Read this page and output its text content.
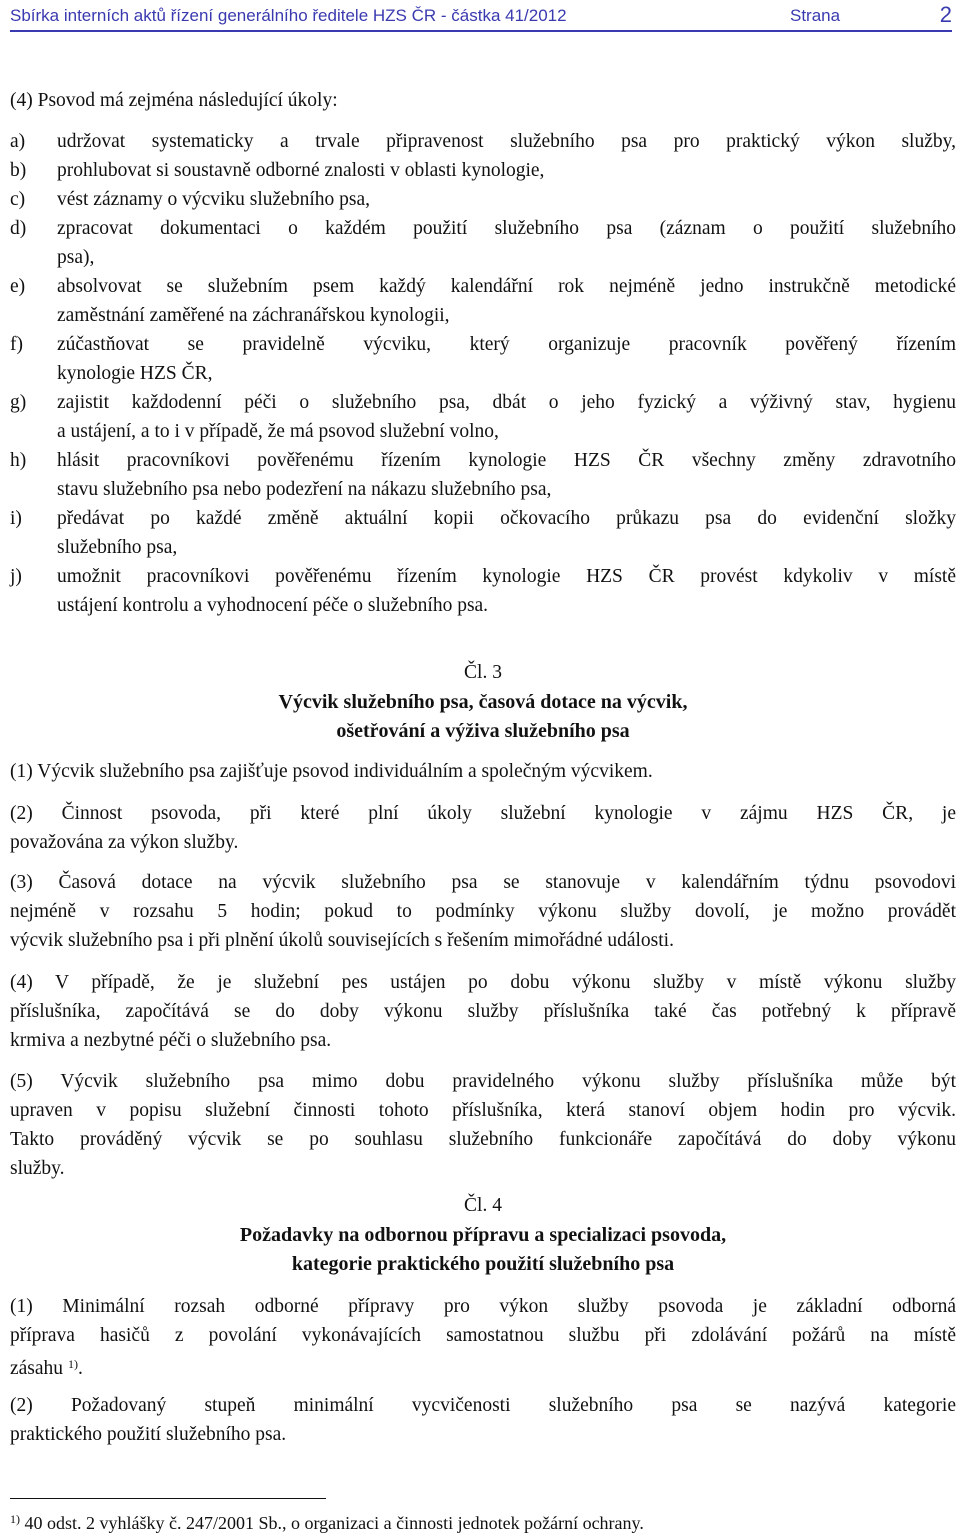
Sbírka interních aktů řízení generálního ředitele HZS ČR - částka 41/2012	Strana	2
(4) Psovod má zejména následující úkoly:
a) udržovat systematicky a trvale připravenost služebního psa pro praktický výkon služby,
b) prohlubovat si soustavně odborné znalosti v oblasti kynologie,
c) vést záznamy o výcviku služebního psa,
d) zpracovat dokumentaci o každém použití služebního psa (záznam o použití služebního
psa),
e) absolvovat se služebním psem každý kalendářní rok nejméně jedno instrukčně metodické
zaměstnání zaměřené na záchranářskou kynologii,
f) zúčastňovat se pravidelně výcviku, který organizuje pracovník pověřený řízením
kynologie HZS ČR,
g) zajistit každodenní péči o služebního psa, dbát o jeho fyzický a výživný stav, hygienu
a ustájení, a to i v případě, že má psovod služební volno,
h) hlásit pracovníkovi pověřenému řízením kynologie HZS ČR všechny změny zdravotního
stavu služebního psa nebo podezření na nákazu služebního psa,
i) předávat po každé změně aktuální kopii očkovacího průkazu psa do evidenční složky
služebního psa,
j) umožnit pracovníkovi pověřenému řízením kynologie HZS ČR provést kdykoliv v místě
ustájení kontrolu a vyhodnocení péče o služebního psa.
Čl. 3
Výcvik služebního psa, časová dotace na výcvik,
ošetřování a výživa služebního psa
(1) Výcvik služebního psa zajišťuje psovod individuálním a společným výcvikem.
(2) Činnost psovoda, při které plní úkoly služební kynologie v zájmu HZS ČR, je
považována za výkon služby.
(3) Časová dotace na výcvik služebního psa se stanovuje v kalendářním týdnu psovodovi
nejméně v rozsahu 5 hodin; pokud to podmínky výkonu služby dovolí, je možno provádět
výcvik služebního psa i při plnění úkolů souvisejících s řešením mimořádné události.
(4) V případě, že je služební pes ustájen po dobu výkonu služby v místě výkonu služby
příslušníka, započítává se do doby výkonu služby příslušníka také čas potřebný k přípravě
krmiva a nezbytné péči o služebního psa.
(5) Výcvik služebního psa mimo dobu pravidelného výkonu služby příslušníka může být
upraven v popisu služební činnosti tohoto příslušníka, která stanoví objem hodin pro výcvik.
Takto prováděný výcvik se po souhlasu služebního funkcionáře započítává do doby výkonu
služby.
Čl. 4
Požadavky na odbornou přípravu a specializaci psovoda,
kategorie praktického použití služebního psa
(1) Minimální rozsah odborné přípravy pro výkon služby psovoda je základní odborná
příprava hasičů z povolání vykonávajících samostatnou službu při zdolávání požárů na místě
zásahu $^{1)}$.
(2) Požadovaný stupeň minimální vycvičenosti služebního psa se nazývá kategorie
praktického použití služebního psa.
$^{1)}$ 40 odst. 2 vyhlášky č. 247/2001 Sb., o organizaci a činnosti jednotek požární ochrany.
